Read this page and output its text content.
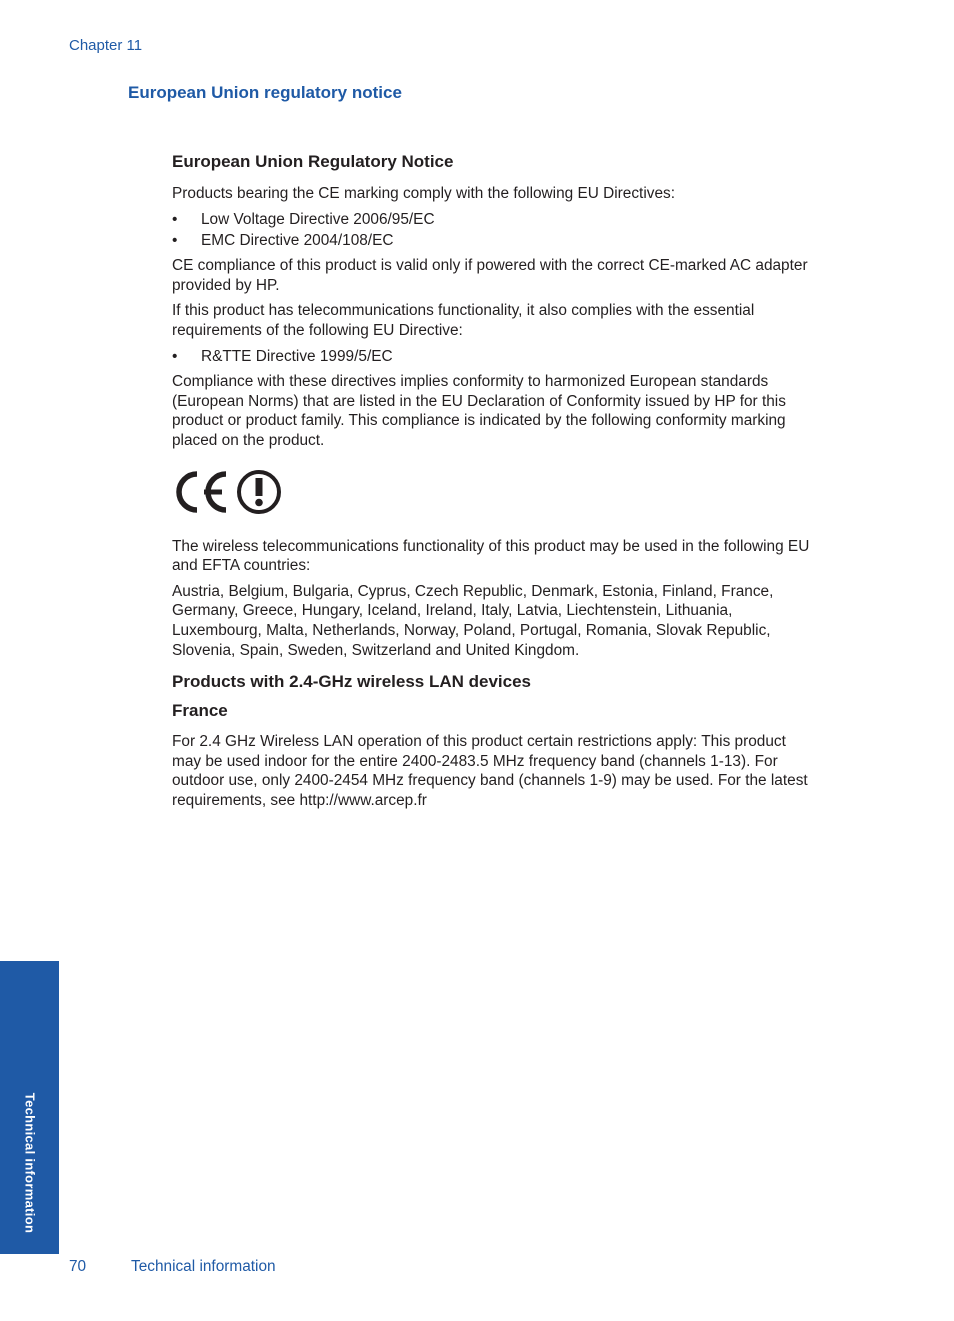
Chapter 11
European Union regulatory notice
European Union Regulatory Notice

Products bearing the CE marking comply with the following EU Directives:

• Low Voltage Directive 2006/95/EC
• EMC Directive 2004/108/EC

CE compliance of this product is valid only if powered with the correct CE-marked AC adapter provided by HP.

If this product has telecommunications functionality, it also complies with the essential requirements of the following EU Directive:

• R&TTE Directive 1999/5/EC

Compliance with these directives implies conformity to harmonized European standards (European Norms) that are listed in the EU Declaration of Conformity issued by HP for this product or product family. This compliance is indicated by the following conformity marking placed on the product.

The wireless telecommunications functionality of this product may be used in the following EU and EFTA countries:

Austria, Belgium, Bulgaria, Cyprus, Czech Republic, Denmark, Estonia, Finland, France, Germany, Greece, Hungary, Iceland, Ireland, Italy, Latvia, Liechtenstein, Lithuania, Luxembourg, Malta, Netherlands, Norway, Poland, Portugal, Romania, Slovak Republic, Slovenia, Spain, Sweden, Switzerland and United Kingdom.

Products with 2.4-GHz wireless LAN devices
France

For 2.4 GHz Wireless LAN operation of this product certain restrictions apply: This product may be used indoor for the entire 2400-2483.5 MHz frequency band (channels 1-13). For outdoor use, only 2400-2454 MHz frequency band (channels 1-9) may be used. For the latest requirements, see http://www.arcep.fr

Technical information
70	Technical information
